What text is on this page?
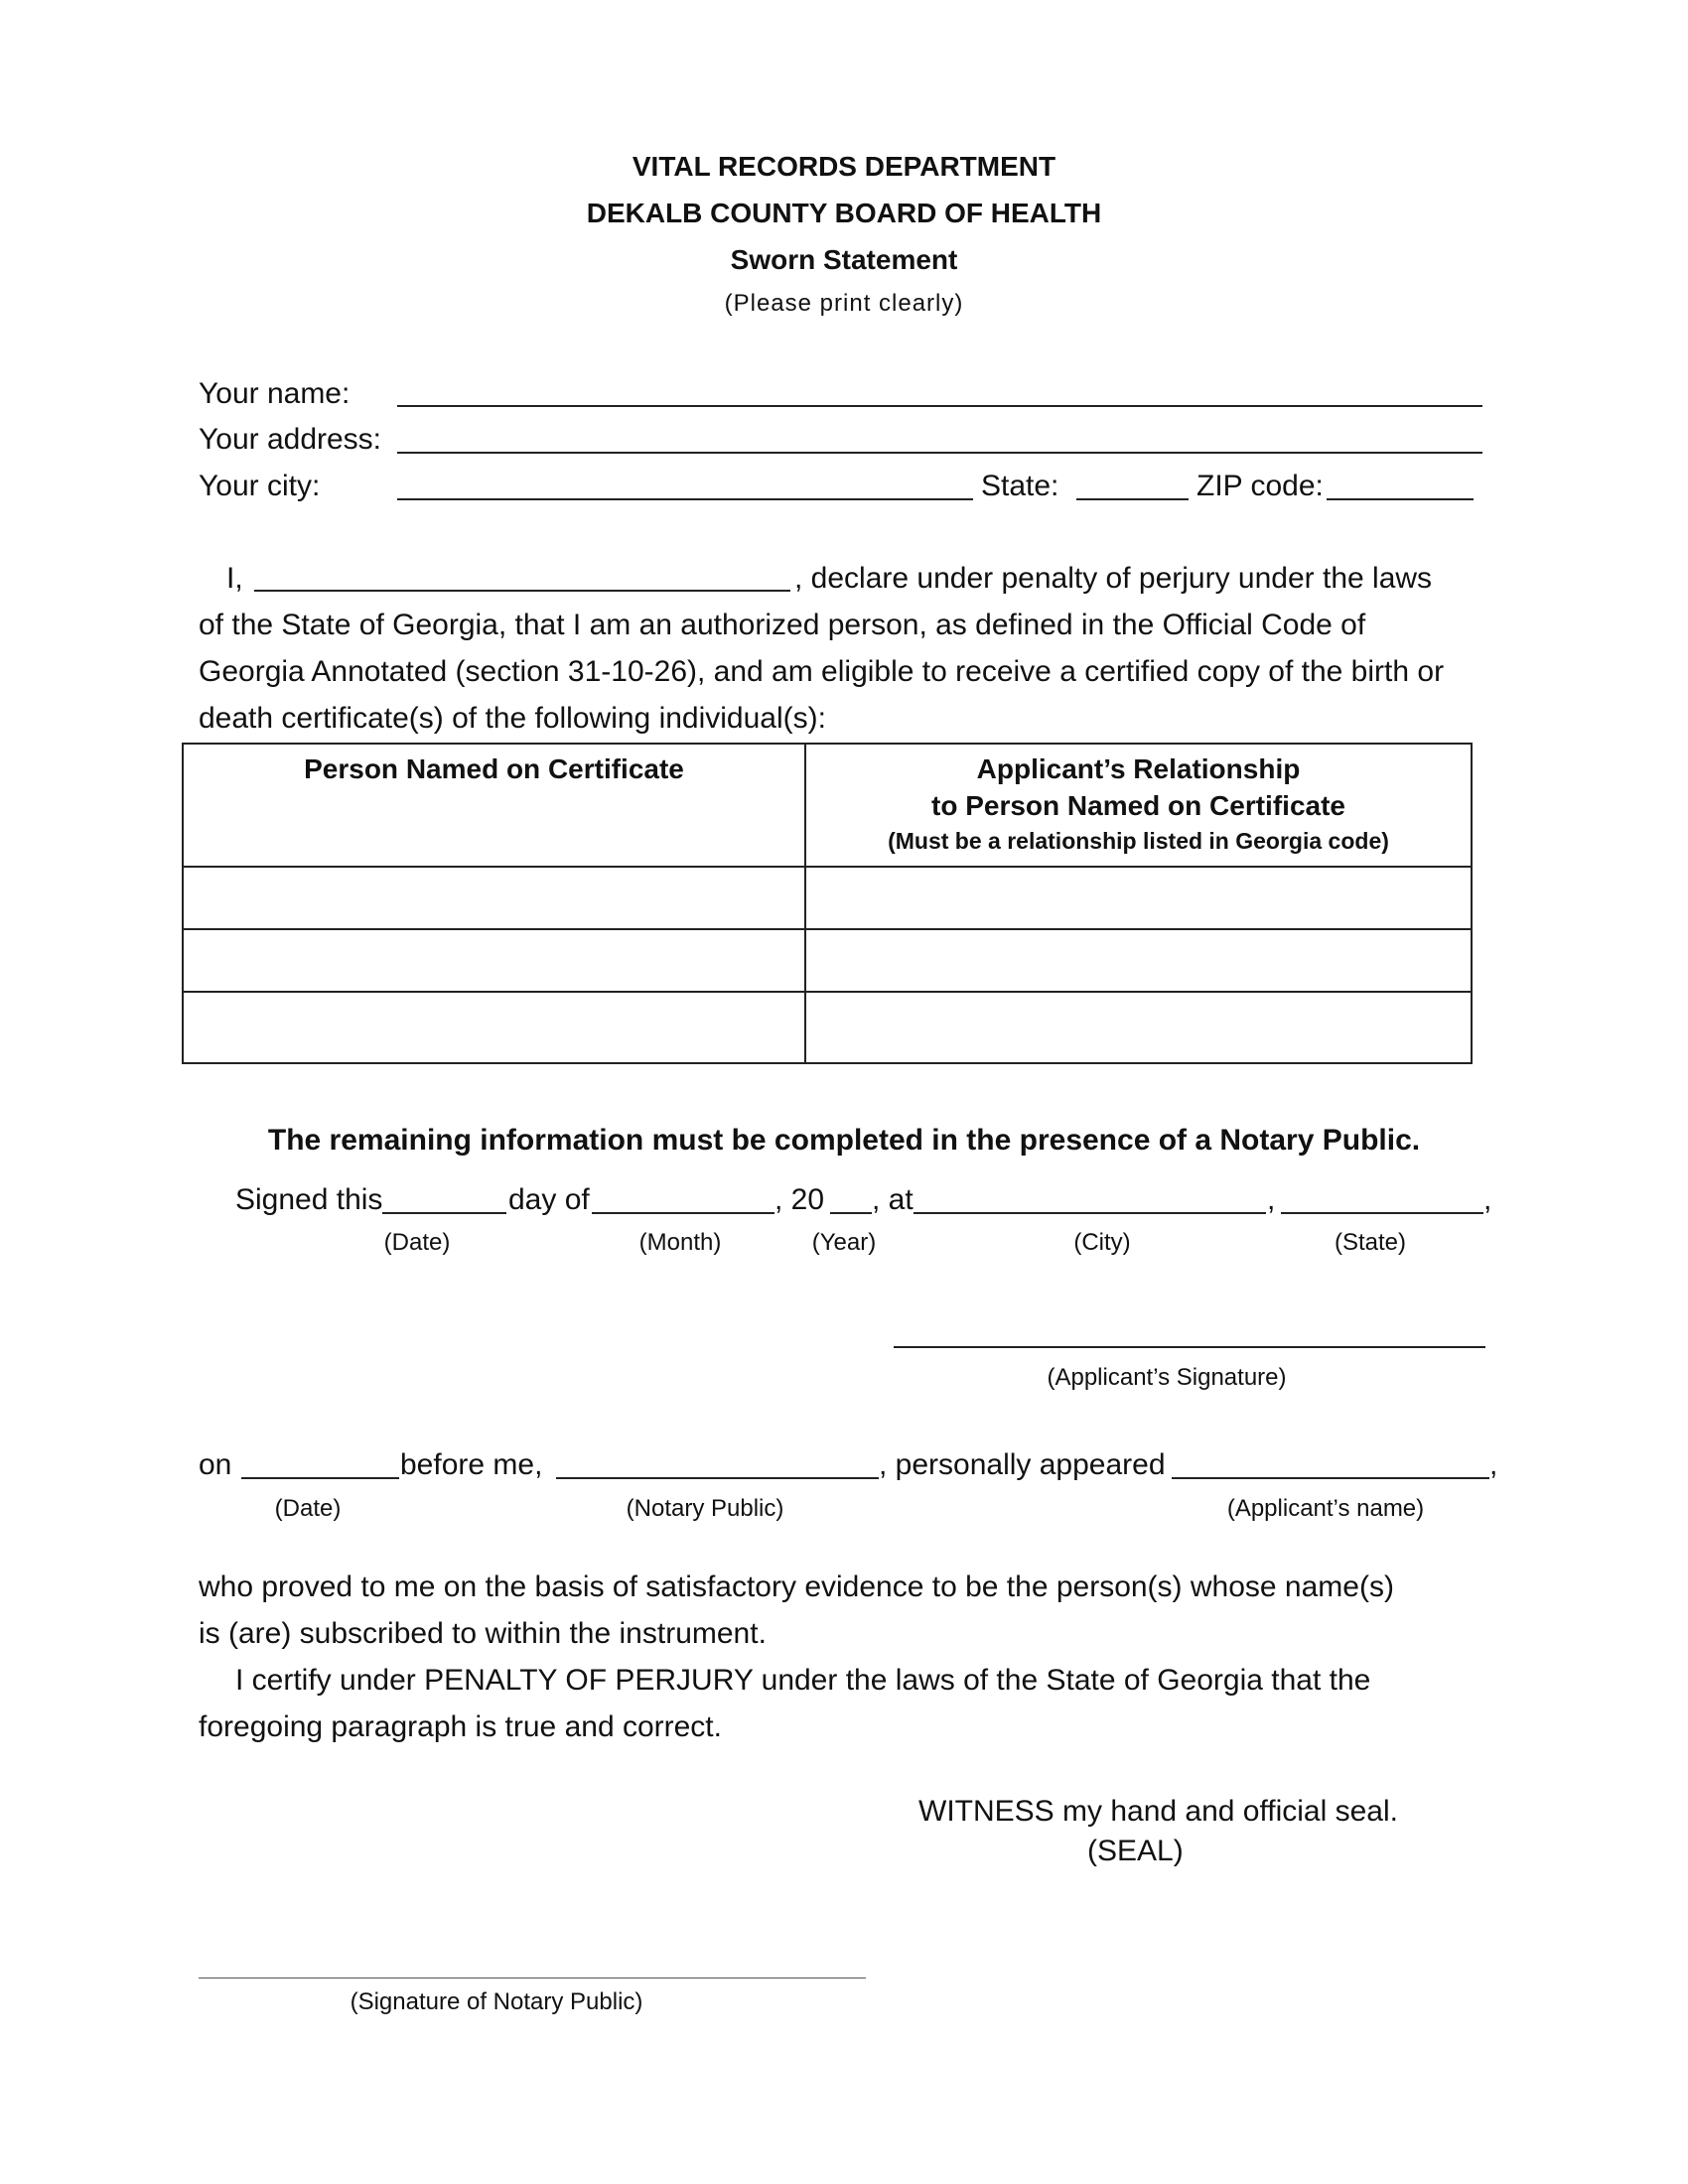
VITAL RECORDS DEPARTMENT
DEKALB COUNTY BOARD OF HEALTH
Sworn Statement
(Please print clearly)
Your name:
Your address:
Your city:	State:	ZIP code:
I,	, declare under penalty of perjury under the laws
of the State of Georgia, that I am an authorized person, as defined in the Official Code of
Georgia Annotated (section 31-10-26), and am eligible to receive a certified copy of the birth or
death certificate(s) of the following individual(s):
Person Named on Certificate	Applicant’s Relationship
to Person Named on Certificate
(Must be a relationship listed in Georgia code)

The remaining information must be completed in the presence of a Notary Public.
Signed this	day of	, 20 , at	,	,
(Date)	(Month)	(Year)	(City)	(State)
(Applicant’s Signature)
on	before me,	, personally appeared	,
(Date)	(Notary Public)	(Applicant’s name)
who proved to me on the basis of satisfactory evidence to be the person(s) whose name(s)
is (are) subscribed to within the instrument.
I certify under PENALTY OF PERJURY under the laws of the State of Georgia that the
foregoing paragraph is true and correct.
WITNESS my hand and official seal.
(SEAL)
(Signature of Notary Public)
